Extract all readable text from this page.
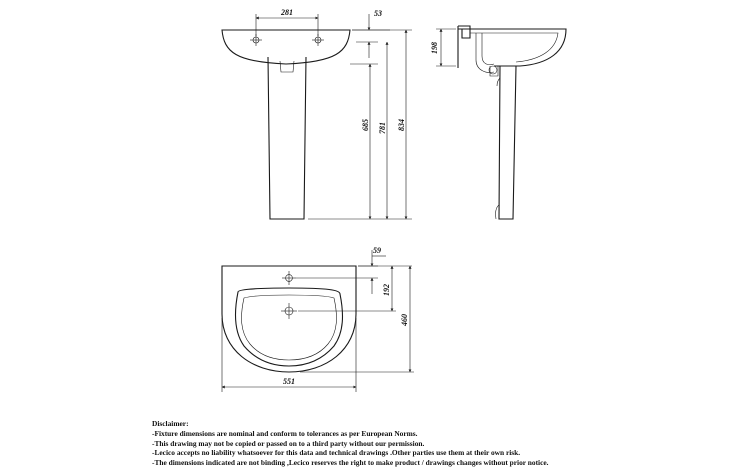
281	53
685 781 834
198
59
192
460
551
Disclaimer:
-Fixture dimensions are nominal and conform to tolerances as per European Norms.
-This drawing may not be copied or passed on to a third party without our permission.
-Lecico accepts no liability whatsoever for this data and technical drawings .Other parties use them at their own risk.
-The dimensions indicated are not binding ,Lecico reserves the right to make product / drawings changes without prior notice.
